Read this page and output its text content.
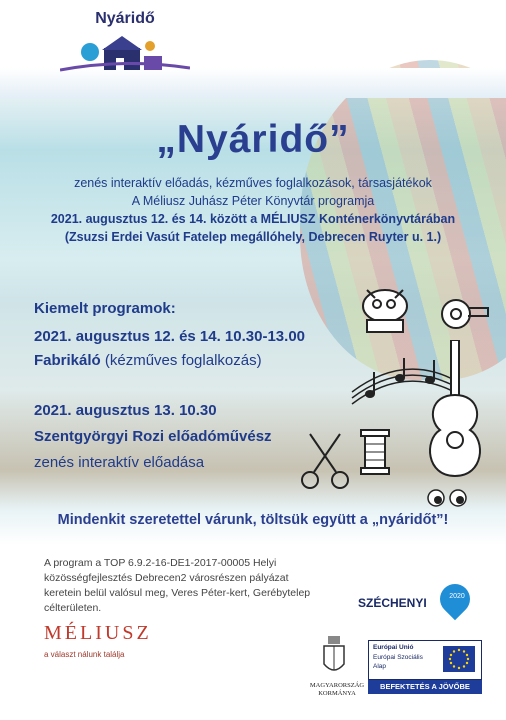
Nyáridő
„Nyáridő”
zenés interaktív előadás, kézműves foglalkozások, társasjátékok
A Méliusz Juhász Péter Könyvtár programja
2021. augusztus 12. és 14. között a MÉLIUSZ Konténerkönyvtárában
(Zsuzsi Erdei Vasút Fatelep megállóhely, Debrecen Ruyter u. 1.)
Kiemelt programok:
2021. augusztus 12. és 14. 10.30-13.00
Fabrikáló (kézműves foglalkozás)
2021. augusztus 13. 10.30
Szentgyörgyi Rozi előadóművész
zenés interaktív előadása
Mindenkit szeretettel várunk, töltsük együtt a „nyáridőt”!
A program a TOP 6.9.2-16-DE1-2017-00005 Helyi közösségfejlesztés Debrecen2 városrészen pályázat keretein belül valósul meg, Veres Péter-kert, Gerébytelep célterületen.
MÉLIUSZ
a választ nálunk találja
SZÉCHENYI	2020
MAGYARORSZÁG
KORMÁNYA
Európai Unió
Európai Szociális
Alap
BEFEKTETÉS A JÖVŐBE
